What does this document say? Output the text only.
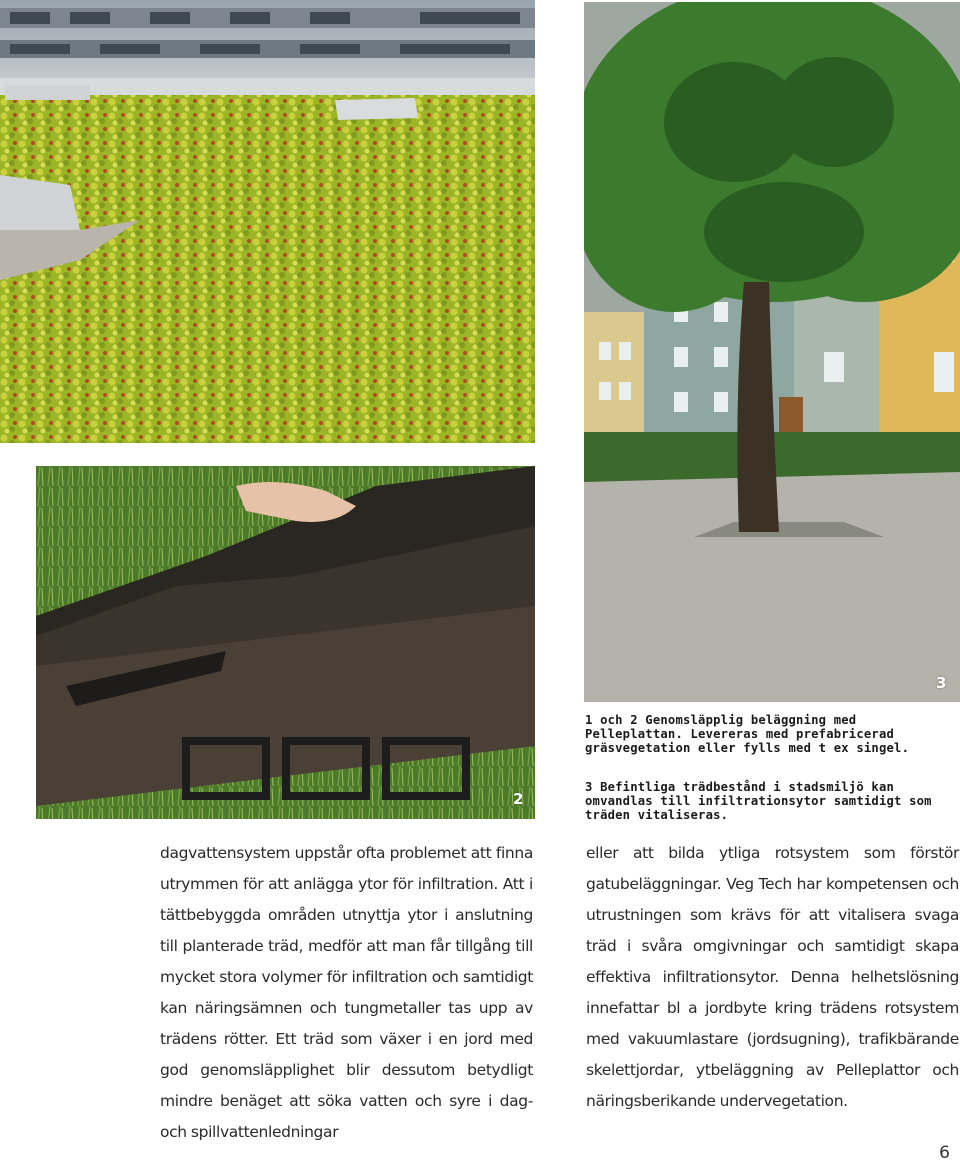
2
3
1 och 2 Genomsläpplig beläggning med Pelleplattan. Levereras med prefabricerad gräsvegetation eller fylls med t ex singel.
3 Befintliga trädbestånd i stadsmiljö kan omvandlas till infiltrationsytor samtidigt som träden vitaliseras.
dagvattensystem uppstår ofta problemet att finna utrymmen för att anlägga ytor för infiltration. Att i tättbebyggda områden utnyttja ytor i anslutning till planterade träd, medför att man får tillgång till mycket stora volymer för infiltration och samtidigt kan näringsämnen och tungmetaller tas upp av trädens rötter. Ett träd som växer i en jord med god genomsläpplighet blir dessutom betydligt mindre benäget att söka vatten och syre i dag- och spillvattenledningar
eller att bilda ytliga rotsystem som förstör gatubeläggningar. Veg Tech har kompetensen och utrustningen som krävs för att vitalisera svaga träd i svåra omgivningar och samtidigt skapa effektiva infiltrationsytor. Denna helhetslösning innefattar bl a jordbyte kring trädens rotsystem med vakuumlastare (jordsugning), trafikbärande skelettjordar, ytbeläggning av Pelleplattor och näringsberikande undervegetation.
6
